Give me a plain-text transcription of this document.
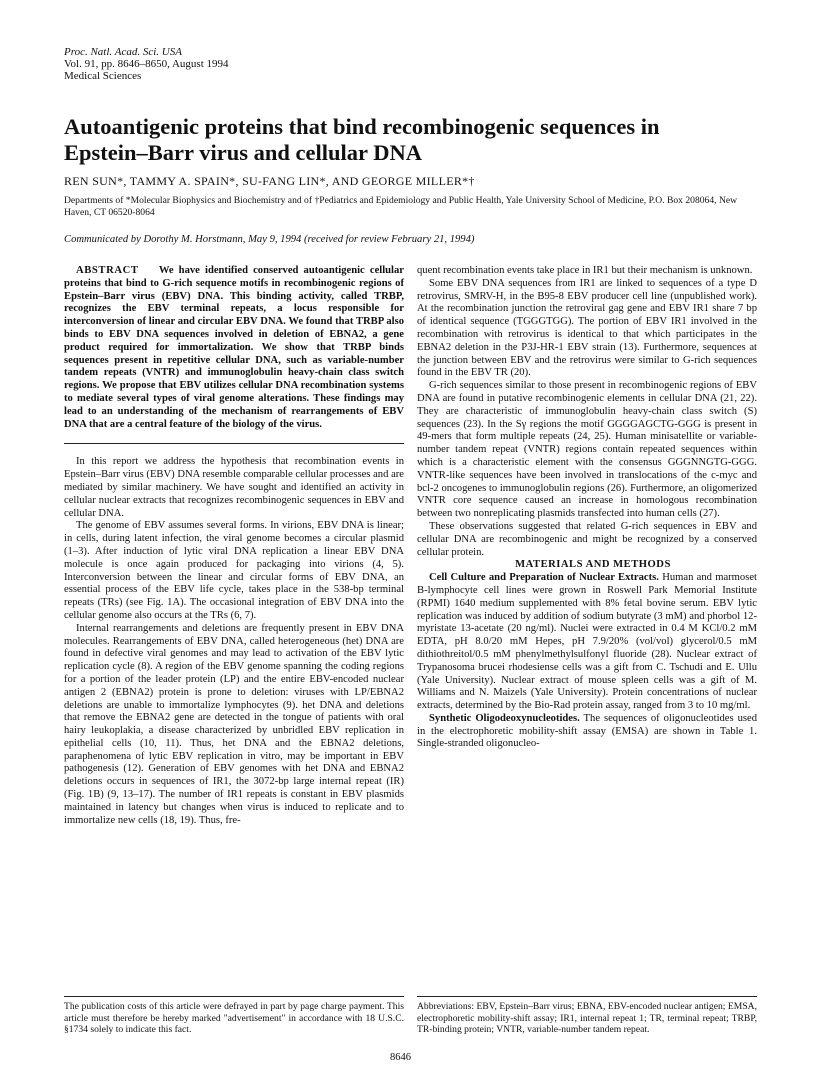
Proc. Natl. Acad. Sci. USA
Vol. 91, pp. 8646–8650, August 1994
Medical Sciences
Autoantigenic proteins that bind recombinogenic sequences in
Epstein–Barr virus and cellular DNA
REN SUN*, TAMMY A. SPAIN*, SU-FANG LIN*, AND GEORGE MILLER*†
Departments of *Molecular Biophysics and Biochemistry and of †Pediatrics and Epidemiology and Public Health, Yale University School of Medicine, P.O. Box 208064, New Haven, CT 06520-8064
Communicated by Dorothy M. Horstmann, May 9, 1994 (received for review February 21, 1994)

ABSTRACT We have identified conserved autoantigenic cellular proteins that bind to G-rich sequence motifs in recombinogenic regions of Epstein–Barr virus (EBV) DNA. This binding activity, called TRBP, recognizes the EBV terminal repeats, a locus responsible for interconversion of linear and circular EBV DNA. We found that TRBP also binds to EBV DNA sequences involved in deletion of EBNA2, a gene product required for immortalization. We show that TRBP binds sequences present in repetitive cellular DNA, such as variable-number tandem repeats (VNTR) and immunoglobulin heavy-chain class switch regions. We propose that EBV utilizes cellular DNA recombination systems to mediate several types of viral genome alterations. These findings may lead to an understanding of the mechanism of rearrangements of EBV DNA that are a central feature of the biology of the virus.

In this report we address the hypothesis that recombination events in Epstein–Barr virus (EBV) DNA resemble comparable cellular processes and are mediated by similar machinery. We have sought and identified an activity in cellular nuclear extracts that recognizes recombinogenic sequences in EBV and cellular DNA.

The genome of EBV assumes several forms. In virions, EBV DNA is linear; in cells, during latent infection, the viral genome becomes a circular plasmid (1–3). After induction of lytic viral DNA replication a linear EBV DNA molecule is once again produced for packaging into virions (4, 5). Interconversion between the linear and circular forms of EBV DNA, an essential process of the EBV life cycle, takes place in the 538-bp terminal repeats (TRs) (see Fig. 1A). The occasional integration of EBV DNA into the cellular genome also occurs at the TRs (6, 7).

Internal rearrangements and deletions are frequently present in EBV DNA molecules. Rearrangements of EBV DNA, called heterogeneous (het) DNA are found in defective viral genomes and may lead to activation of the EBV lytic replication cycle (8). A region of the EBV genome spanning the coding regions for a portion of the leader protein (LP) and the entire EBV-encoded nuclear antigen 2 (EBNA2) protein is prone to deletion: viruses with LP/EBNA2 deletions are unable to immortalize lymphocytes (9). het DNA and deletions that remove the EBNA2 gene are detected in the tongue of patients with oral hairy leukoplakia, a disease characterized by unbridled EBV replication in epithelial cells (10, 11). Thus, het DNA and the EBNA2 deletions, paraphenomena of lytic EBV replication in vitro, may be important in EBV pathogenesis (12). Generation of EBV genomes with het DNA and EBNA2 deletions occurs in sequences of IR1, the 3072-bp large internal repeat (IR) (Fig. 1B) (9, 13–17). The number of IR1 repeats is constant in EBV plasmids maintained in latency but changes when virus is induced to replicate and to immortalize new cells (18, 19). Thus, fre-

quent recombination events take place in IR1 but their mechanism is unknown.

Some EBV DNA sequences from IR1 are linked to sequences of a type D retrovirus, SMRV-H, in the B95-8 EBV producer cell line (unpublished work). At the recombination junction the retroviral gag gene and EBV IR1 share 7 bp of identical sequence (TGGGTGG). The portion of EBV IR1 involved in the recombination with retrovirus is identical to that which participates in the EBNA2 deletion in the P3J-HR-1 EBV strain (13). Furthermore, sequences at the junction between EBV and the retrovirus were similar to G-rich sequences found in the EBV TR (20).

G-rich sequences similar to those present in recombinogenic regions of EBV DNA are found in putative recombinogenic elements in cellular DNA (21, 22). They are characteristic of immunoglobulin heavy-chain class switch (S) sequences (23). In the Sγ regions the motif GGGGAGCTG-GGG is present in 49-mers that form multiple repeats (24, 25). Human minisatellite or variable-number tandem repeat (VNTR) regions contain repeated sequences within which is a characteristic element with the consensus GGGNNGTG-GGG. VNTR-like sequences have been involved in translocations of the c-myc and bcl-2 oncogenes to immunoglobulin regions (26). Furthermore, an oligomerized VNTR core sequence caused an increase in homologous recombination between two nonreplicating plasmids transfected into human cells (27).

These observations suggested that related G-rich sequences in EBV and cellular DNA are recombinogenic and might be recognized by a conserved cellular protein.

MATERIALS AND METHODS

Cell Culture and Preparation of Nuclear Extracts. Human and marmoset B-lymphocyte cell lines were grown in Roswell Park Memorial Institute (RPMI) 1640 medium supplemented with 8% fetal bovine serum. EBV lytic replication was induced by addition of sodium butyrate (3 mM) and phorbol 12-myristate 13-acetate (20 ng/ml). Nuclei were extracted in 0.4 M KCl/0.2 mM EDTA, pH 8.0/20 mM Hepes, pH 7.9/20% (vol/vol) glycerol/0.5 mM dithiothreitol/0.5 mM phenylmethylsulfonyl fluoride (28). Nuclear extract of Trypanosoma brucei rhodesiense cells was a gift from C. Tschudi and E. Ullu (Yale University). Nuclear extract of mouse spleen cells was a gift of M. Williams and N. Maizels (Yale University). Protein concentrations of nuclear extracts, determined by the Bio-Rad protein assay, ranged from 3 to 10 mg/ml.

Synthetic Oligodeoxynucleotides. The sequences of oligonucleotides used in the electrophoretic mobility-shift assay (EMSA) are shown in Table 1. Single-stranded oligonucleo-

The publication costs of this article were defrayed in part by page charge payment. This article must therefore be hereby marked "advertisement" in accordance with 18 U.S.C. §1734 solely to indicate this fact.
Abbreviations: EBV, Epstein–Barr virus; EBNA, EBV-encoded nuclear antigen; EMSA, electrophoretic mobility-shift assay; IR1, internal repeat 1; TR, terminal repeat; TRBP, TR-binding protein; VNTR, variable-number tandem repeat.
8646
